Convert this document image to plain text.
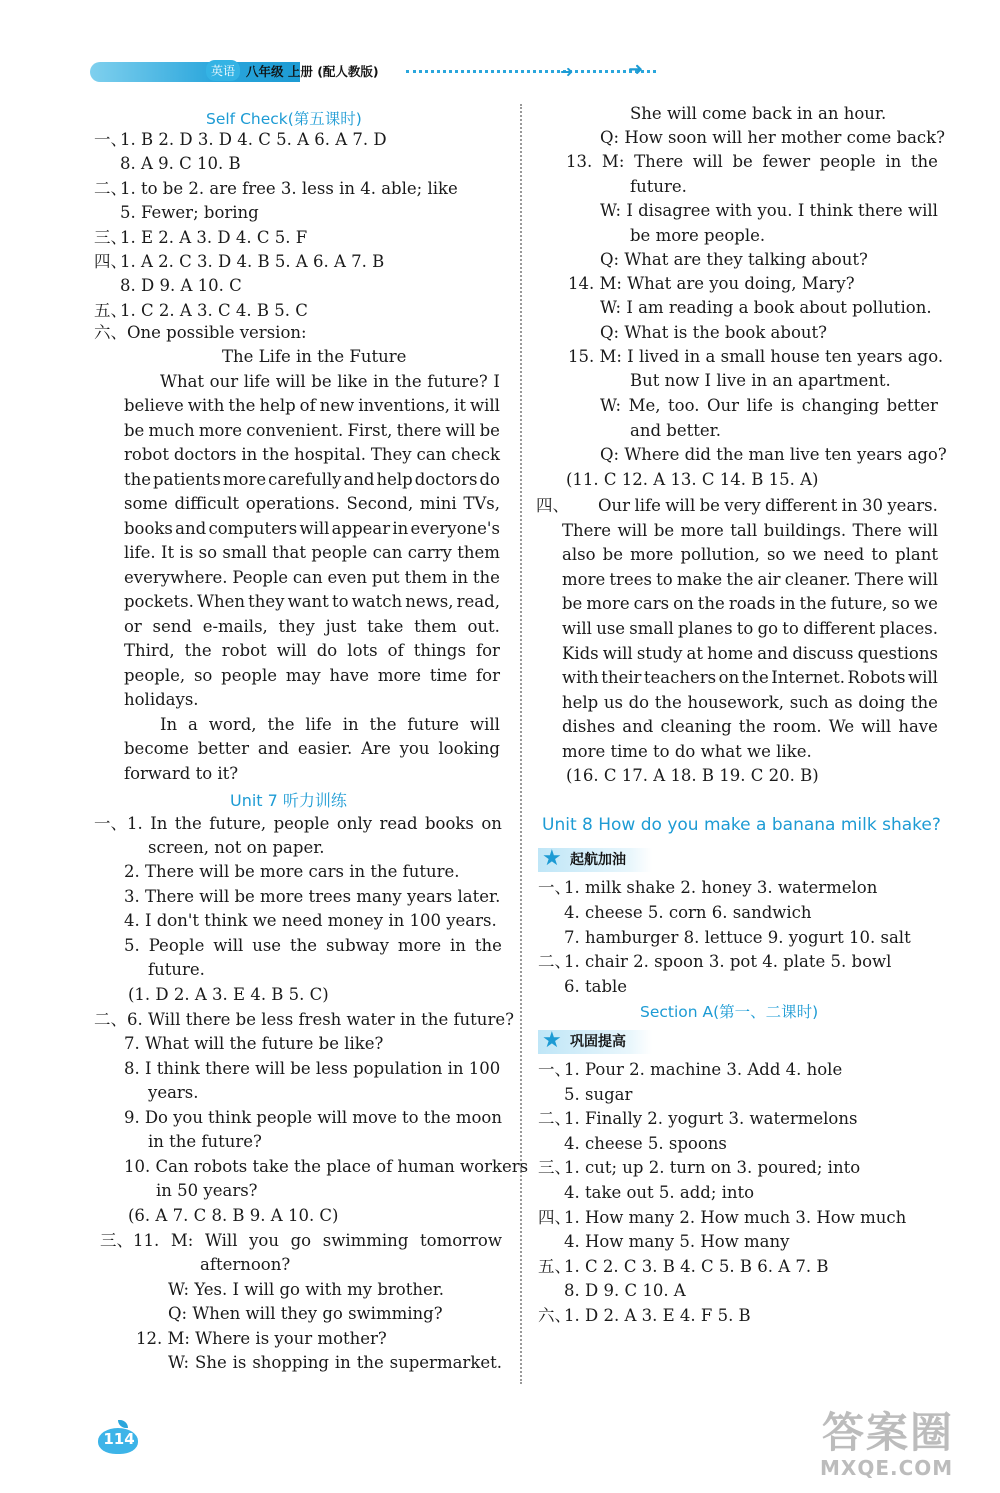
英语 八年级 上册 (配人教版)	➜	➜
Self Check(第五课时)
一、
1. B 2. D 3. D 4. C 5. A 6. A 7. D
8. A 9. C 10. B
二、
1. to be 2. are free 3. less in 4. able; like
5. Fewer; boring
三、
1. E 2. A 3. D 4. C 5. F
四、
1. A 2. C 3. D 4. B 5. A 6. A 7. B
8. D 9. A 10. C
五、
1. C 2. A 3. C 4. B 5. C
六、One possible version:
The Life in the Future
What our life will be like in the future? I
believe with the help of new inventions, it will
be much more convenient. First, there will be
robot doctors in the hospital. They can check
the patients more carefully and help doctors do
some difficult operations. Second, mini TVs,
books and computers will appear in everyone's
life. It is so small that people can carry them
everywhere. People can even put them in the
pockets. When they want to watch news, read,
or send e-mails, they just take them out.
Third, the robot will do lots of things for
people, so people may have more time for
holidays.
In a word, the life in the future will
become better and easier. Are you looking
forward to it?
Unit 7 听力训练
一、1. In the future, people only read books on
screen, not on paper.
2. There will be more cars in the future.
3. There will be more trees many years later.
4. I don't think we need money in 100 years.
5. People will use the subway more in the
future.
(1. D 2. A 3. E 4. B 5. C)
二、6. Will there be less fresh water in the future?
7. What will the future be like?
8. I think there will be less population in 100
years.
9. Do you think people will move to the moon
in the future?
10. Can robots take the place of human workers
in 50 years?
(6. A 7. C 8. B 9. A 10. C)
三、11. M: Will you go swimming tomorrow
afternoon?
W: Yes. I will go with my brother.
Q: When will they go swimming?
12. M: Where is your mother?
W: She is shopping in the supermarket.
She will come back in an hour.
Q: How soon will her mother come back?
13. M: There will be fewer people in the
future.
W: I disagree with you. I think there will
be more people.
Q: What are they talking about?
14. M: What are you doing, Mary?
W: I am reading a book about pollution.
Q: What is the book about?
15. M: I lived in a small house ten years ago.
But now I live in an apartment.
W: Me, too. Our life is changing better
and better.
Q: Where did the man live ten years ago?
(11. C 12. A 13. C 14. B 15. A)
四、 Our life will be very different in 30 years.
There will be more tall buildings. There will
also be more pollution, so we need to plant
more trees to make the air cleaner. There will
be more cars on the roads in the future, so we
will use small planes to go to different places.
Kids will study at home and discuss questions
with their teachers on the Internet. Robots will
help us do the housework, such as doing the
dishes and cleaning the room. We will have
more time to do what we like.
(16. C 17. A 18. B 19. C 20. B)
Unit 8 How do you make a banana milk shake?
★ 起航加油
一、
1. milk shake 2. honey 3. watermelon
4. cheese 5. corn 6. sandwich
7. hamburger 8. lettuce 9. yogurt 10. salt
二、
1. chair 2. spoon 3. pot 4. plate 5. bowl
6. table
Section A(第一、二课时)
★ 巩固提高
一、
1. Pour 2. machine 3. Add 4. hole
5. sugar
二、
1. Finally 2. yogurt 3. watermelons
4. cheese 5. spoons
三、
1. cut; up 2. turn on 3. poured; into
4. take out 5. add; into
四、
1. How many 2. How much 3. How much
4. How many 5. How many
五、
1. C 2. C 3. B 4. C 5. B 6. A 7. B
8. D 9. C 10. A
六、
1. D 2. A 3. E 4. F 5. B
114	答案圈
MXQE.COM
